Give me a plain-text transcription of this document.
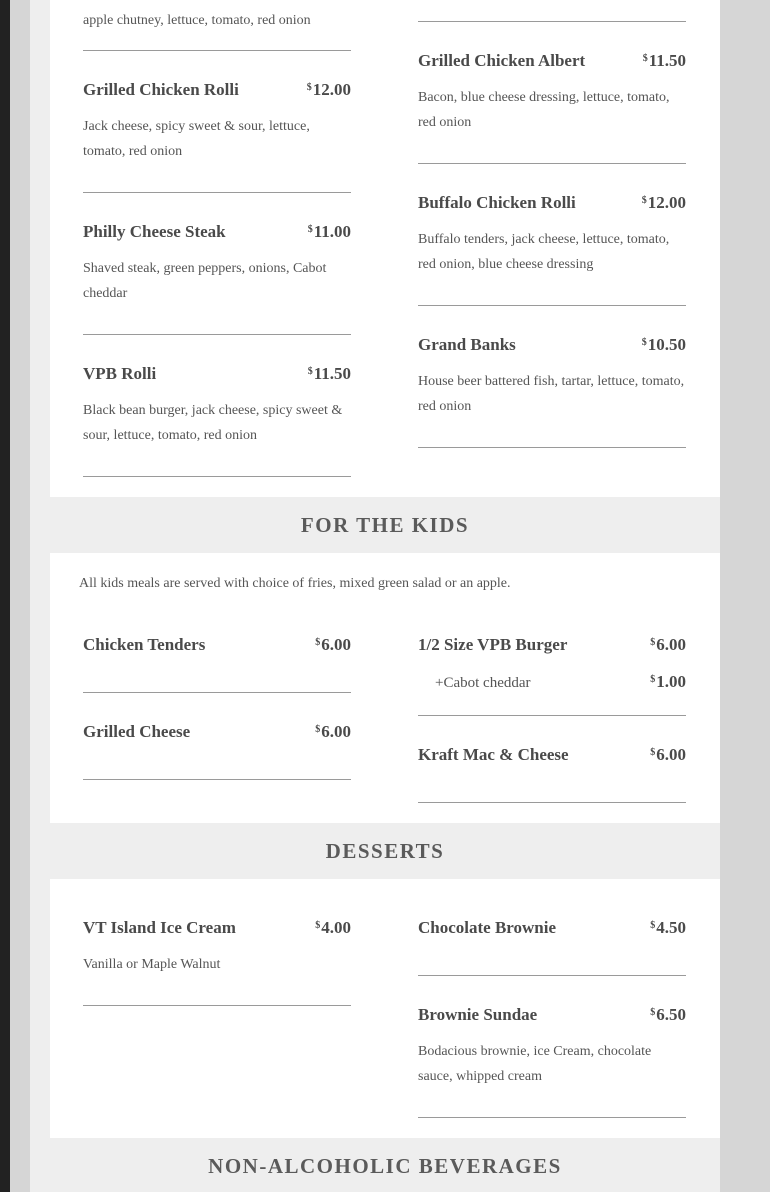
apple chutney, lettuce, tomato, red onion
Grilled Chicken Rolli	$12.00
Jack cheese, spicy sweet & sour, lettuce, tomato, red onion
Philly Cheese Steak	$11.00
Shaved steak, green peppers, onions, Cabot cheddar
VPB Rolli	$11.50
Black bean burger, jack cheese, spicy sweet & sour, lettuce, tomato, red onion
Grilled Chicken Albert	$11.50
Bacon, blue cheese dressing, lettuce, tomato, red onion
Buffalo Chicken Rolli	$12.00
Buffalo tenders, jack cheese, lettuce, tomato, red onion, blue cheese dressing
Grand Banks	$10.50
House beer battered fish, tartar, lettuce, tomato, red onion
FOR THE KIDS
All kids meals are served with choice of fries, mixed green salad or an apple.
Chicken Tenders	$6.00
Grilled Cheese	$6.00
1/2 Size VPB Burger	$6.00
+Cabot cheddar	$1.00
Kraft Mac & Cheese	$6.00
DESSERTS
VT Island Ice Cream	$4.00
Vanilla or Maple Walnut
Chocolate Brownie	$4.50
Brownie Sundae	$6.50
Bodacious brownie, ice Cream, chocolate sauce, whipped cream
NON-ALCOHOLIC BEVERAGES
